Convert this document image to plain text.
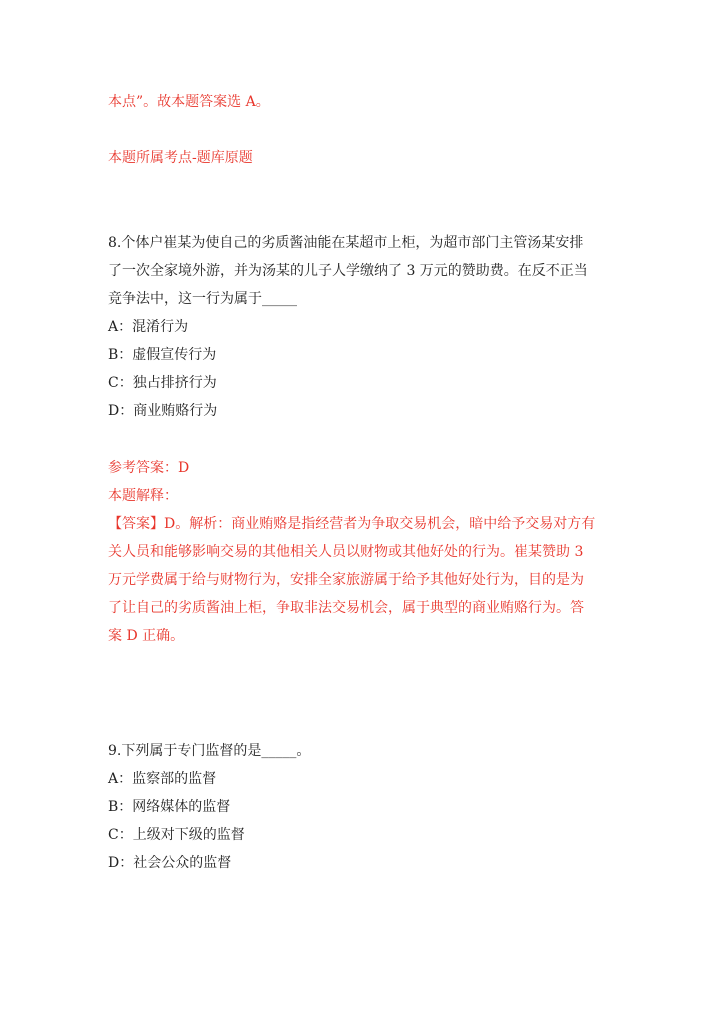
本点”。故本题答案选 A。
本题所属考点-题库原题
8.个体户崔某为使自己的劣质酱油能在某超市上柜，为超市部门主管汤某安排
了一次全家境外游，并为汤某的儿子人学缴纳了 3 万元的赞助费。在反不正当
竞争法中，这一行为属于_____
A：混淆行为
B：虚假宣传行为
C：独占排挤行为
D：商业贿赂行为
参考答案：D
本题解释：
【答案】D。解析：商业贿赂是指经营者为争取交易机会，暗中给予交易对方有
关人员和能够影响交易的其他相关人员以财物或其他好处的行为。崔某赞助 3
万元学费属于给与财物行为，安排全家旅游属于给予其他好处行为，目的是为
了让自己的劣质酱油上柜，争取非法交易机会，属于典型的商业贿赂行为。答
案 D 正确。
9.下列属于专门监督的是_____。
A：监察部的监督
B：网络媒体的监督
C：上级对下级的监督
D：社会公众的监督
